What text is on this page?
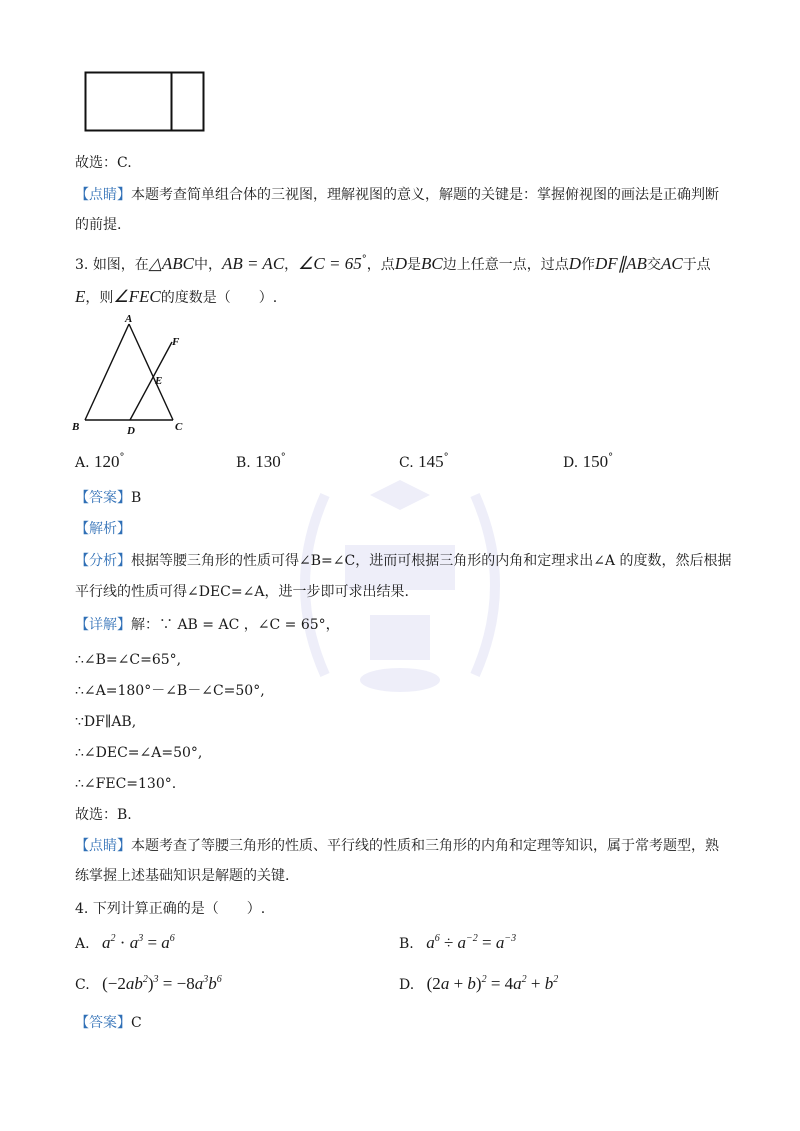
故选：C.
【点睛】本题考查简单组合体的三视图，理解视图的意义，解题的关键是：掌握俯视图的画法是正确判断
的前提.
3. 如图，在△ABC中，AB = AC，∠C = 65°，点D是BC边上任意一点，过点D作DF∥AB交AC于点
E，则∠FEC的度数是（　　）.
A
F
E
B	D	C
A. 120°	B. 130°	C. 145°	D. 150°
【答案】B
【解析】
【分析】根据等腰三角形的性质可得∠B=∠C，进而可根据三角形的内角和定理求出∠A 的度数，然后根据
平行线的性质可得∠DEC=∠A，进一步即可求出结果.
【详解】解：∵ AB = AC ，∠C = 65°，
∴∠B=∠C=65°,
∴∠A=180°－∠B－∠C=50°,
∵DF∥AB,
∴∠DEC=∠A=50°,
∴∠FEC=130°.
故选：B.
【点睛】本题考查了等腰三角形的性质、平行线的性质和三角形的内角和定理等知识，属于常考题型，熟
练掌握上述基础知识是解题的关键.
4. 下列计算正确的是（　　）.
A. $a^2 \cdot a^3 = a^6$	B. $a^6 \div a^{-2} = a^{-3}$
C. $(-2ab^2)^3 = -8a^3b^6$	D. $(2a + b)^2 = 4a^2 + b^2$
【答案】C
